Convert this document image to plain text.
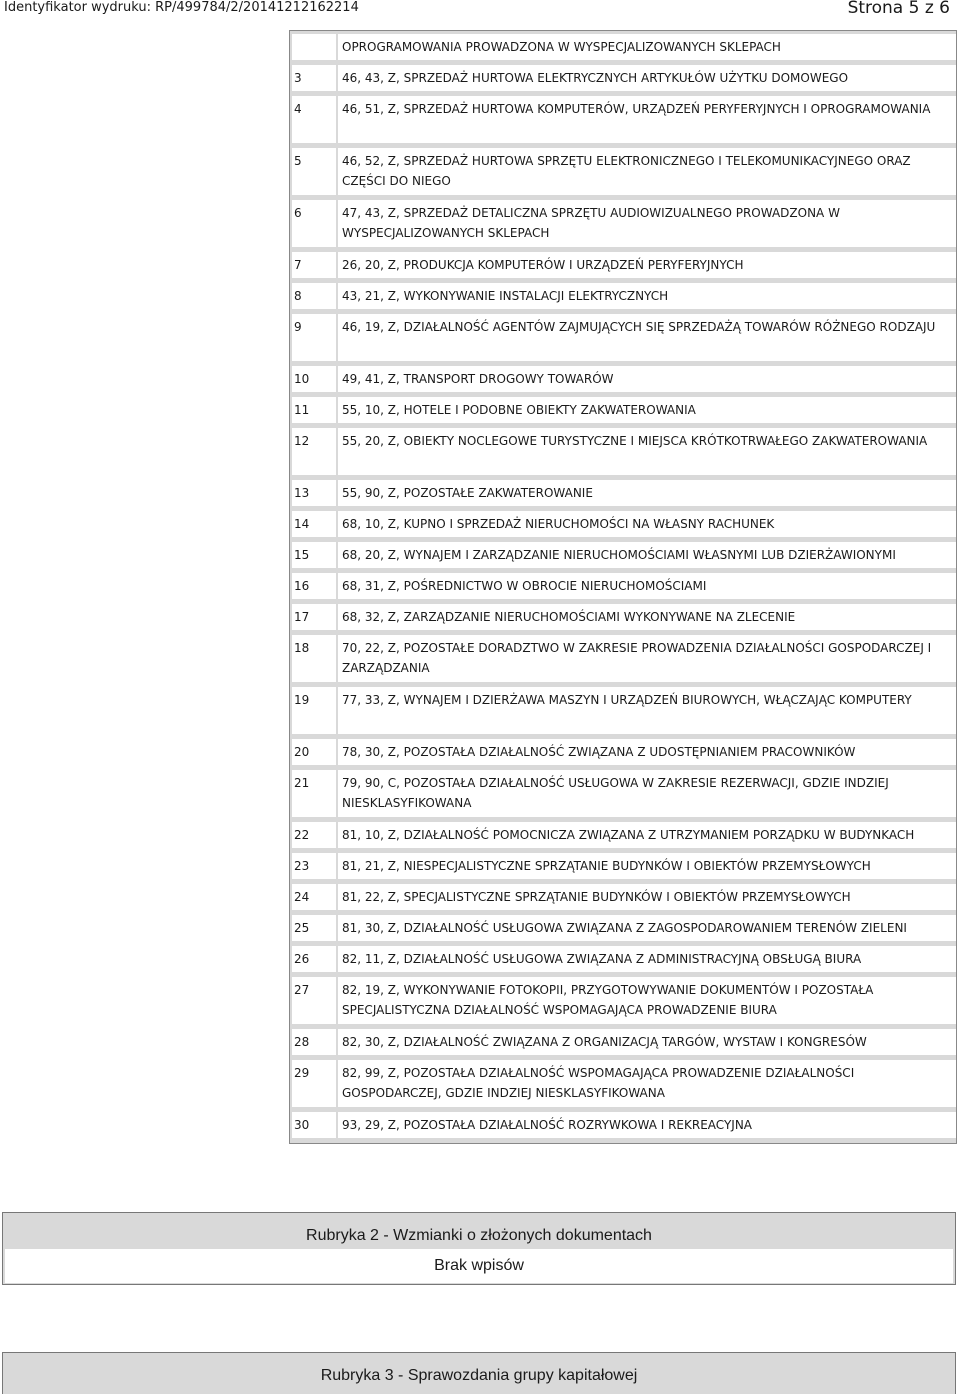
Identyfikator wydruku: RP/499784/2/20141212162214	Strona 5 z 6
OPROGRAMOWANIA PROWADZONA W WYSPECJALIZOWANYCH SKLEPACH
3	46, 43, Z, SPRZEDAŻ HURTOWA ELEKTRYCZNYCH ARTYKUŁÓW UŻYTKU DOMOWEGO
4	46, 51, Z, SPRZEDAŻ HURTOWA KOMPUTERÓW, URZĄDZEŃ PERYFERYJNYCH I OPROGRAMOWANIA
5	46, 52, Z, SPRZEDAŻ HURTOWA SPRZĘTU ELEKTRONICZNEGO I TELEKOMUNIKACYJNEGO ORAZ CZĘŚCI DO NIEGO
6	47, 43, Z, SPRZEDAŻ DETALICZNA SPRZĘTU AUDIOWIZUALNEGO PROWADZONA W WYSPECJALIZOWANYCH SKLEPACH
7	26, 20, Z, PRODUKCJA KOMPUTERÓW I URZĄDZEŃ PERYFERYJNYCH
8	43, 21, Z, WYKONYWANIE INSTALACJI ELEKTRYCZNYCH
9	46, 19, Z, DZIAŁALNOŚĆ AGENTÓW ZAJMUJĄCYCH SIĘ SPRZEDAŻĄ TOWARÓW RÓŻNEGO RODZAJU
10	49, 41, Z, TRANSPORT DROGOWY TOWARÓW
11	55, 10, Z, HOTELE I PODOBNE OBIEKTY ZAKWATEROWANIA
12	55, 20, Z, OBIEKTY NOCLEGOWE TURYSTYCZNE I MIEJSCA KRÓTKOTRWAŁEGO ZAKWATEROWANIA
13	55, 90, Z, POZOSTAŁE ZAKWATEROWANIE
14	68, 10, Z, KUPNO I SPRZEDAŻ NIERUCHOMOŚCI NA WŁASNY RACHUNEK
15	68, 20, Z, WYNAJEM I ZARZĄDZANIE NIERUCHOMOŚCIAMI WŁASNYMI LUB DZIERŻAWIONYMI
16	68, 31, Z, POŚREDNICTWO W OBROCIE NIERUCHOMOŚCIAMI
17	68, 32, Z, ZARZĄDZANIE NIERUCHOMOŚCIAMI WYKONYWANE NA ZLECENIE
18	70, 22, Z, POZOSTAŁE DORADZTWO W ZAKRESIE PROWADZENIA DZIAŁALNOŚCI GOSPODARCZEJ I ZARZĄDZANIA
19	77, 33, Z, WYNAJEM I DZIERŻAWA MASZYN I URZĄDZEŃ BIUROWYCH, WŁĄCZAJĄC KOMPUTERY
20	78, 30, Z, POZOSTAŁA DZIAŁALNOŚĆ ZWIĄZANA Z UDOSTĘPNIANIEM PRACOWNIKÓW
21	79, 90, C, POZOSTAŁA DZIAŁALNOŚĆ USŁUGOWA W ZAKRESIE REZERWACJI, GDZIE INDZIEJ NIESKLASYFIKOWANA
22	81, 10, Z, DZIAŁALNOŚĆ POMOCNICZA ZWIĄZANA Z UTRZYMANIEM PORZĄDKU W BUDYNKACH
23	81, 21, Z, NIESPECJALISTYCZNE SPRZĄTANIE BUDYNKÓW I OBIEKTÓW PRZEMYSŁOWYCH
24	81, 22, Z, SPECJALISTYCZNE SPRZĄTANIE BUDYNKÓW I OBIEKTÓW PRZEMYSŁOWYCH
25	81, 30, Z, DZIAŁALNOŚĆ USŁUGOWA ZWIĄZANA Z ZAGOSPODAROWANIEM TERENÓW ZIELENI
26	82, 11, Z, DZIAŁALNOŚĆ USŁUGOWA ZWIĄZANA Z ADMINISTRACYJNĄ OBSŁUGĄ BIURA
27	82, 19, Z, WYKONYWANIE FOTOKOPII, PRZYGOTOWYWANIE DOKUMENTÓW I POZOSTAŁA SPECJALISTYCZNA DZIAŁALNOŚĆ WSPOMAGAJĄCA PROWADZENIE BIURA
28	82, 30, Z, DZIAŁALNOŚĆ ZWIĄZANA Z ORGANIZACJĄ TARGÓW, WYSTAW I KONGRESÓW
29	82, 99, Z, POZOSTAŁA DZIAŁALNOŚĆ WSPOMAGAJĄCA PROWADZENIE DZIAŁALNOŚCI GOSPODARCZEJ, GDZIE INDZIEJ NIESKLASYFIKOWANA
30	93, 29, Z, POZOSTAŁA DZIAŁALNOŚĆ ROZRYWKOWA I REKREACYJNA
Rubryka 2 - Wzmianki o złożonych dokumentach
Brak wpisów
Rubryka 3 - Sprawozdania grupy kapitałowej
